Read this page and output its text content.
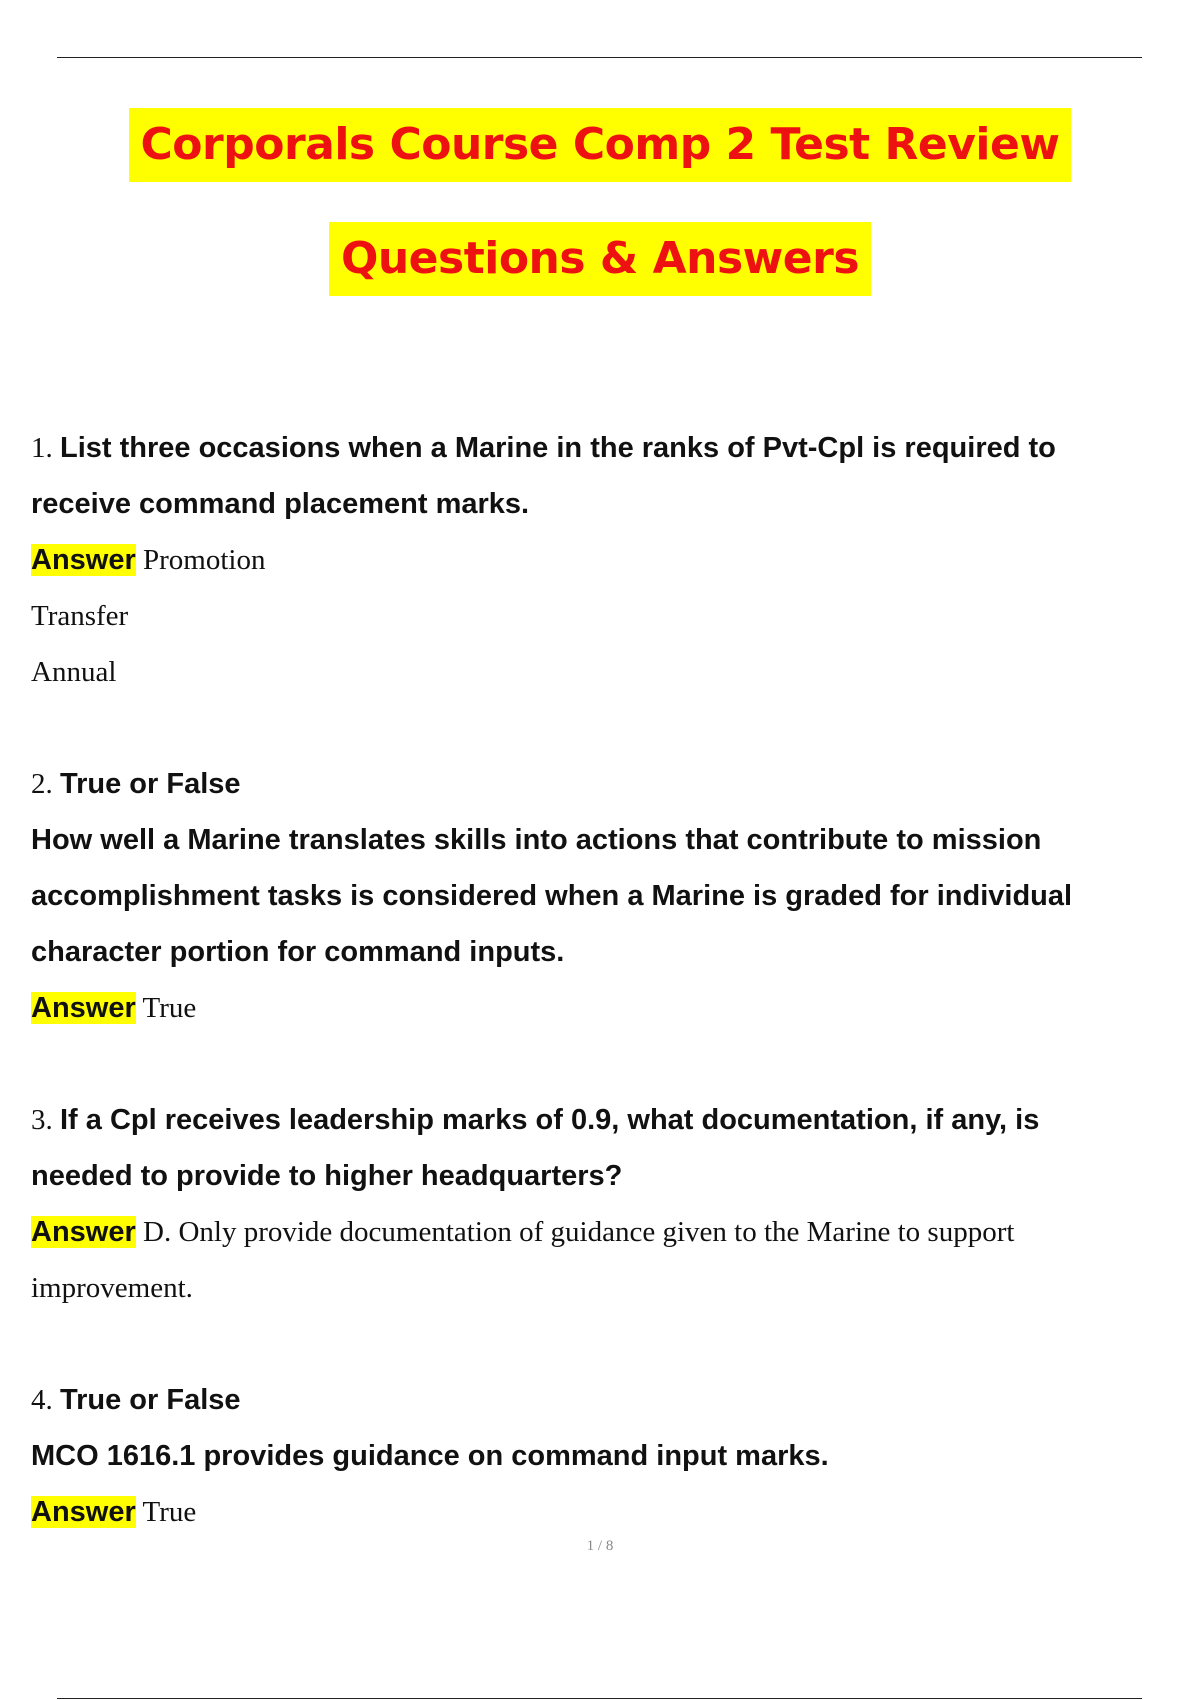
Corporals Course Comp 2 Test Review
Questions & Answers
1. List three occasions when a Marine in the ranks of Pvt-Cpl is required to
receive command placement marks.
Answer Promotion
Transfer
Annual
2. True or False
How well a Marine translates skills into actions that contribute to mission
accomplishment tasks is considered when a Marine is graded for individual
character portion for command inputs.
Answer True
3. If a Cpl receives leadership marks of 0.9, what documentation, if any, is
needed to provide to higher headquarters?
Answer D. Only provide documentation of guidance given to the Marine to support
improvement.
4. True or False
MCO 1616.1 provides guidance on command input marks.
Answer True
1 / 8
